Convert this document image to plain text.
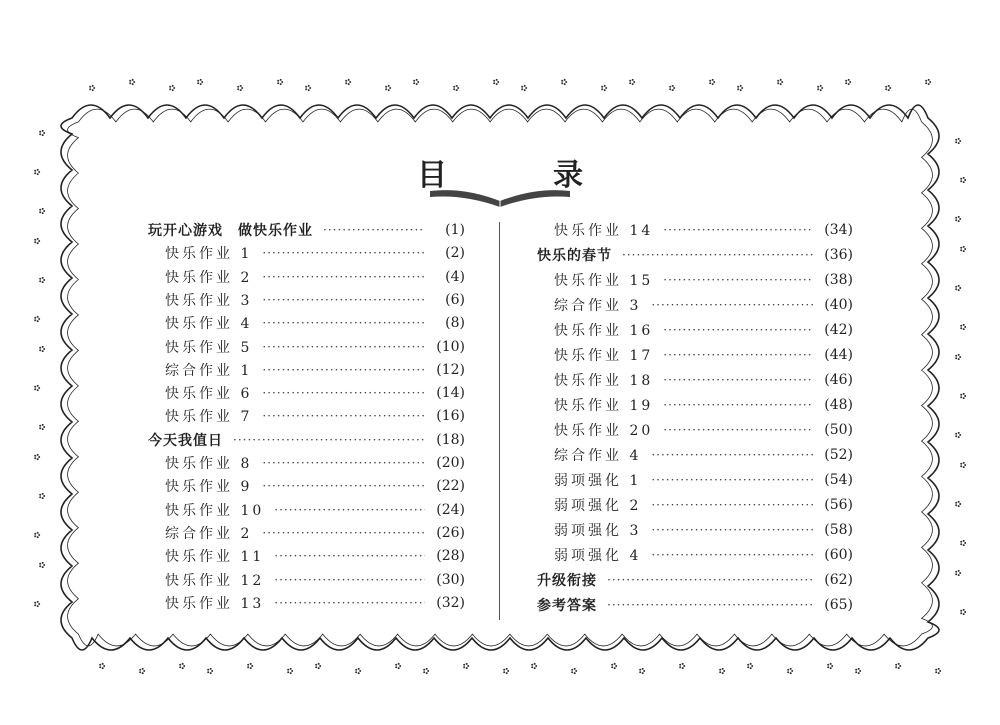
目　录
玩开心游戏　做快乐作业 ·····	(1)
快乐作业 1 ·····	(2)
快乐作业 2 ·····	(4)
快乐作业 3 ·····	(6)
快乐作业 4 ·····	(8)
快乐作业 5 ·····	(10)
综合作业 1 ·····	(12)
快乐作业 6 ·····	(14)
快乐作业 7 ·····	(16)
今天我值日 ·····	(18)
快乐作业 8 ·····	(20)
快乐作业 9 ·····	(22)
快乐作业 10 ·····	(24)
综合作业 2 ·····	(26)
快乐作业 11 ·····	(28)
快乐作业 12 ·····	(30)
快乐作业 13 ·····	(32)
快乐作业 14 ·····	(34)
快乐的春节 ·····	(36)
快乐作业 15 ·····	(38)
综合作业 3 ·····	(40)
快乐作业 16 ·····	(42)
快乐作业 17 ·····	(44)
快乐作业 18 ·····	(46)
快乐作业 19 ·····	(48)
快乐作业 20 ·····	(50)
综合作业 4 ·····	(52)
弱项强化 1 ·····	(54)
弱项强化 2 ·····	(56)
弱项强化 3 ·····	(58)
弱项强化 4 ·····	(60)
升级衔接 ·····	(62)
参考答案 ·····	(65)
